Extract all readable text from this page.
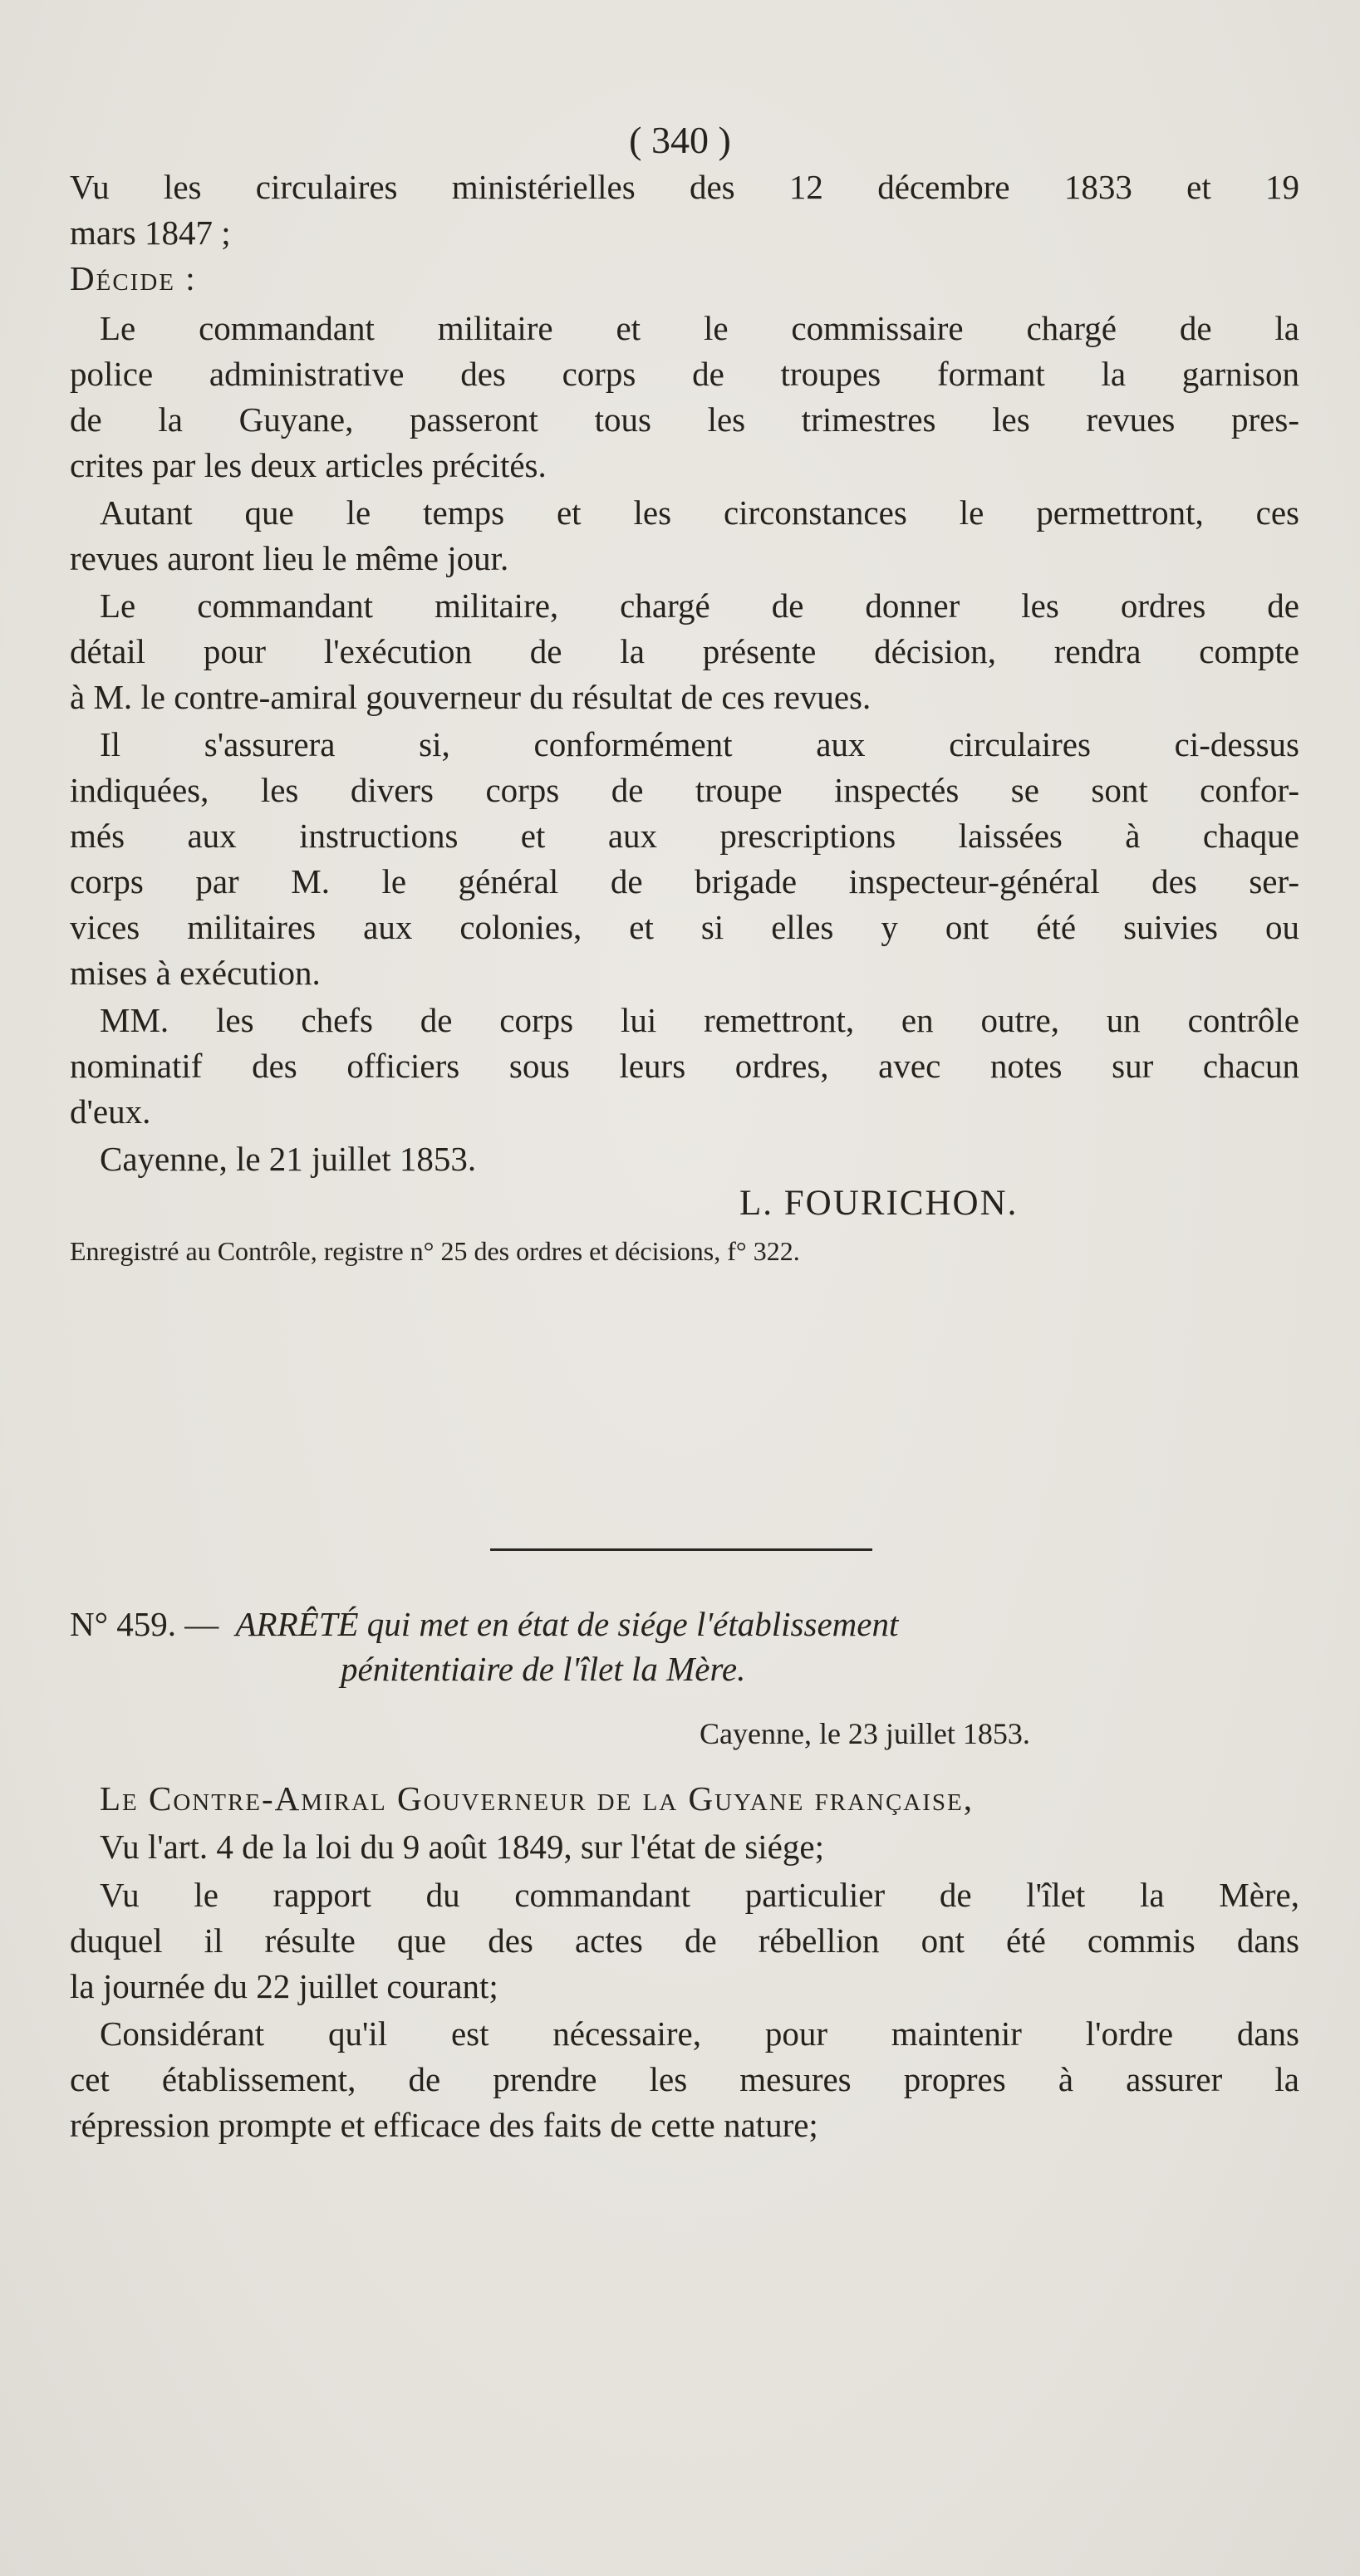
( 340 )
Vu les circulaires ministérielles des 12 décembre 1833 et 19
mars 1847 ;
Décide :
Le commandant militaire et le commissaire chargé de la
police administrative des corps de troupes formant la garnison
de la Guyane, passeront tous les trimestres les revues pres-
crites par les deux articles précités.
Autant que le temps et les circonstances le permettront, ces
revues auront lieu le même jour.
Le commandant militaire, chargé de donner les ordres de
détail pour l'exécution de la présente décision, rendra compte
à M. le contre-amiral gouverneur du résultat de ces revues.
Il s'assurera si, conformément aux circulaires ci-dessus
indiquées, les divers corps de troupe inspectés se sont confor-
més aux instructions et aux prescriptions laissées à chaque
corps par M. le général de brigade inspecteur-général des ser-
vices militaires aux colonies, et si elles y ont été suivies ou
mises à exécution.
MM. les chefs de corps lui remettront, en outre, un contrôle
nominatif des officiers sous leurs ordres, avec notes sur chacun
d'eux.
Cayenne, le 21 juillet 1853.
L. FOURICHON.
Enregistré au Contrôle, registre n° 25 des ordres et décisions, f° 322.
N° 459. — ARRÊTÉ qui met en état de siége l'établissement
pénitentiaire de l'îlet la Mère.
Cayenne, le 23 juillet 1853.
Le Contre-Amiral Gouverneur de la Guyane française,
Vu l'art. 4 de la loi du 9 août 1849, sur l'état de siége;
Vu le rapport du commandant particulier de l'îlet la Mère,
duquel il résulte que des actes de rébellion ont été commis dans
la journée du 22 juillet courant;
Considérant qu'il est nécessaire, pour maintenir l'ordre dans
cet établissement, de prendre les mesures propres à assurer la
répression prompte et efficace des faits de cette nature;
